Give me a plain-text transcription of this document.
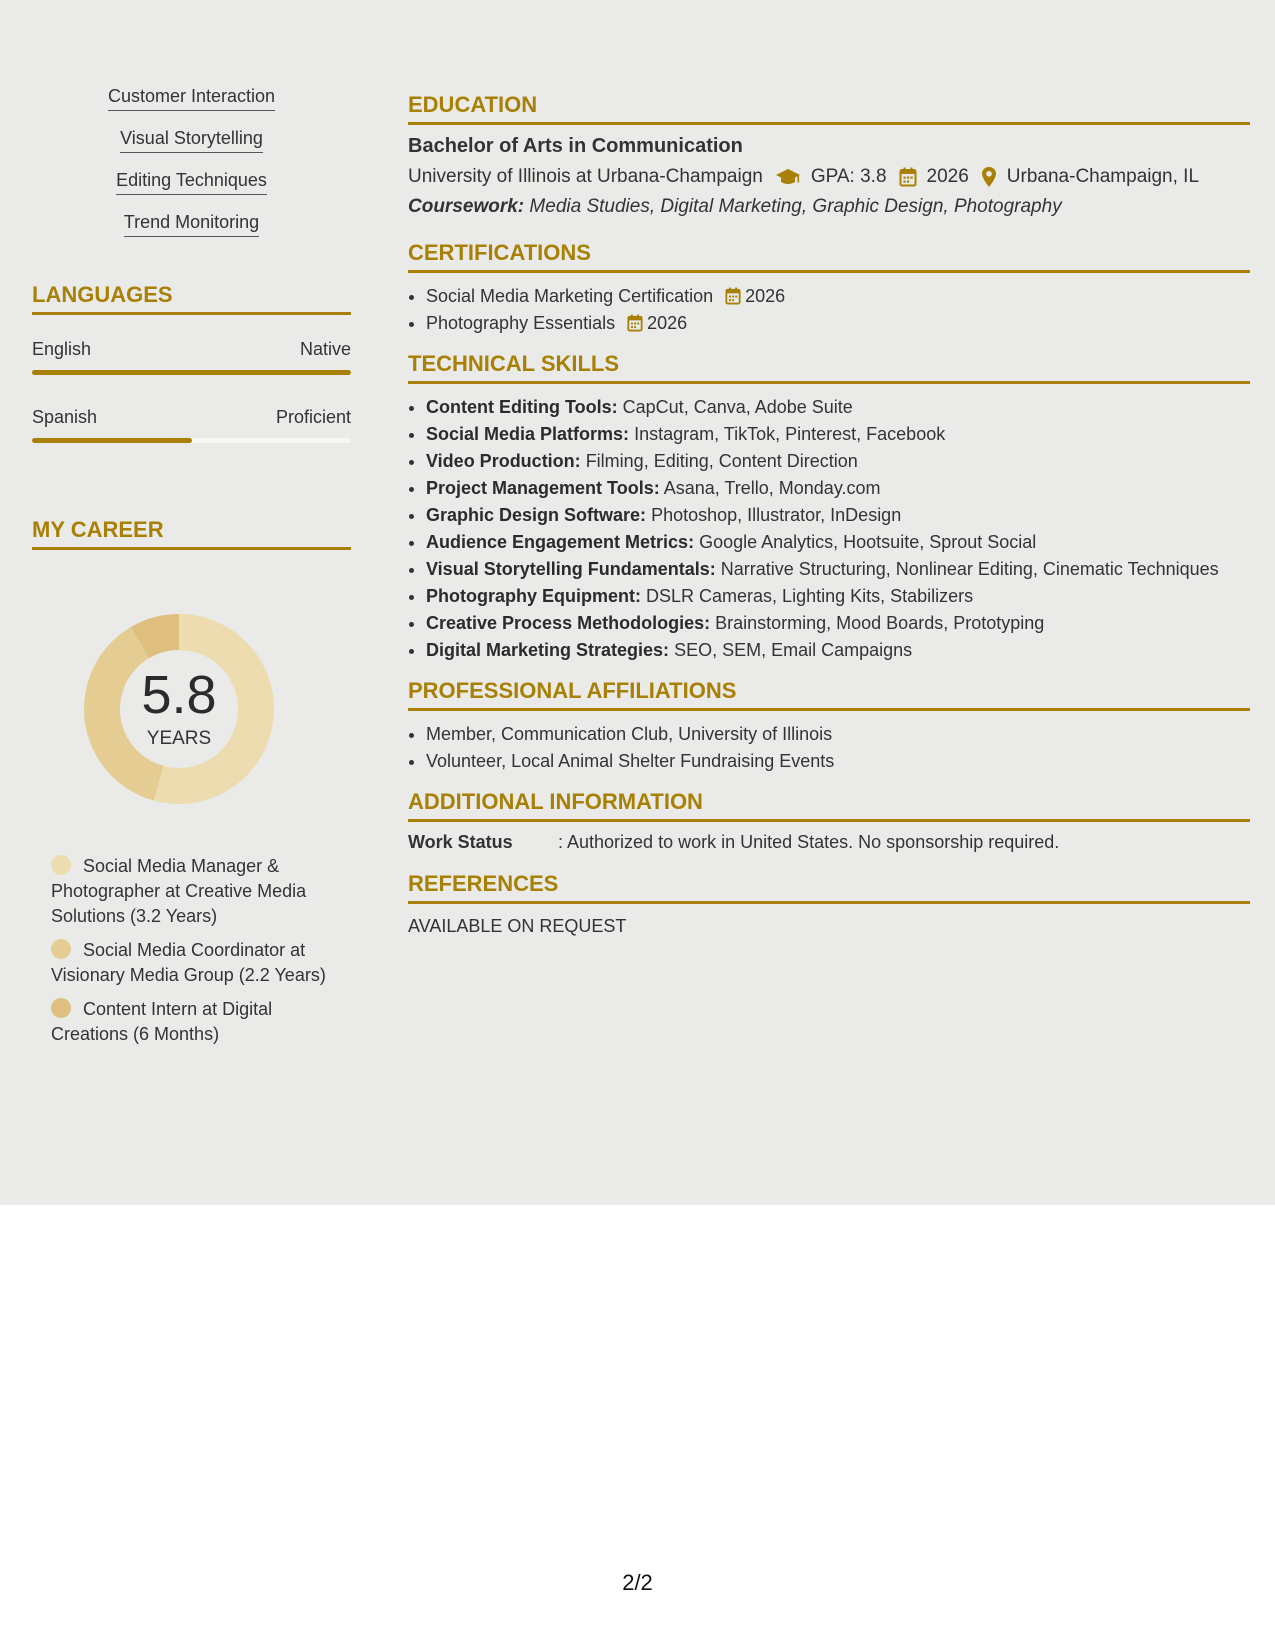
Customer Interaction
Visual Storytelling
Editing Techniques
Trend Monitoring
LANGUAGES
English	Native
Spanish	Proficient
MY CAREER
5.8
YEARS
Social Media Manager & Photographer at Creative Media Solutions (3.2 Years)
Social Media Coordinator at Visionary Media Group (2.2 Years)
Content Intern at Digital Creations (6 Months)
EDUCATION
Bachelor of Arts in Communication
University of Illinois at Urbana-Champaign	GPA: 3.8 2026 Urbana-Champaign, IL
Coursework: Media Studies, Digital Marketing, Graphic Design, Photography
CERTIFICATIONS
• Social Media Marketing Certification 2026
• Photography Essentials 2026
TECHNICAL SKILLS
• Content Editing Tools: CapCut, Canva, Adobe Suite
• Social Media Platforms: Instagram, TikTok, Pinterest, Facebook
• Video Production: Filming, Editing, Content Direction
• Project Management Tools: Asana, Trello, Monday.com
• Graphic Design Software: Photoshop, Illustrator, InDesign
• Audience Engagement Metrics: Google Analytics, Hootsuite, Sprout Social
• Visual Storytelling Fundamentals: Narrative Structuring, Nonlinear Editing, Cinematic Techniques
• Photography Equipment: DSLR Cameras, Lighting Kits, Stabilizers
• Creative Process Methodologies: Brainstorming, Mood Boards, Prototyping
• Digital Marketing Strategies: SEO, SEM, Email Campaigns
PROFESSIONAL AFFILIATIONS
• Member, Communication Club, University of Illinois
• Volunteer, Local Animal Shelter Fundraising Events
ADDITIONAL INFORMATION
Work Status	: Authorized to work in United States. No sponsorship required.
REFERENCES
AVAILABLE ON REQUEST
2/2
